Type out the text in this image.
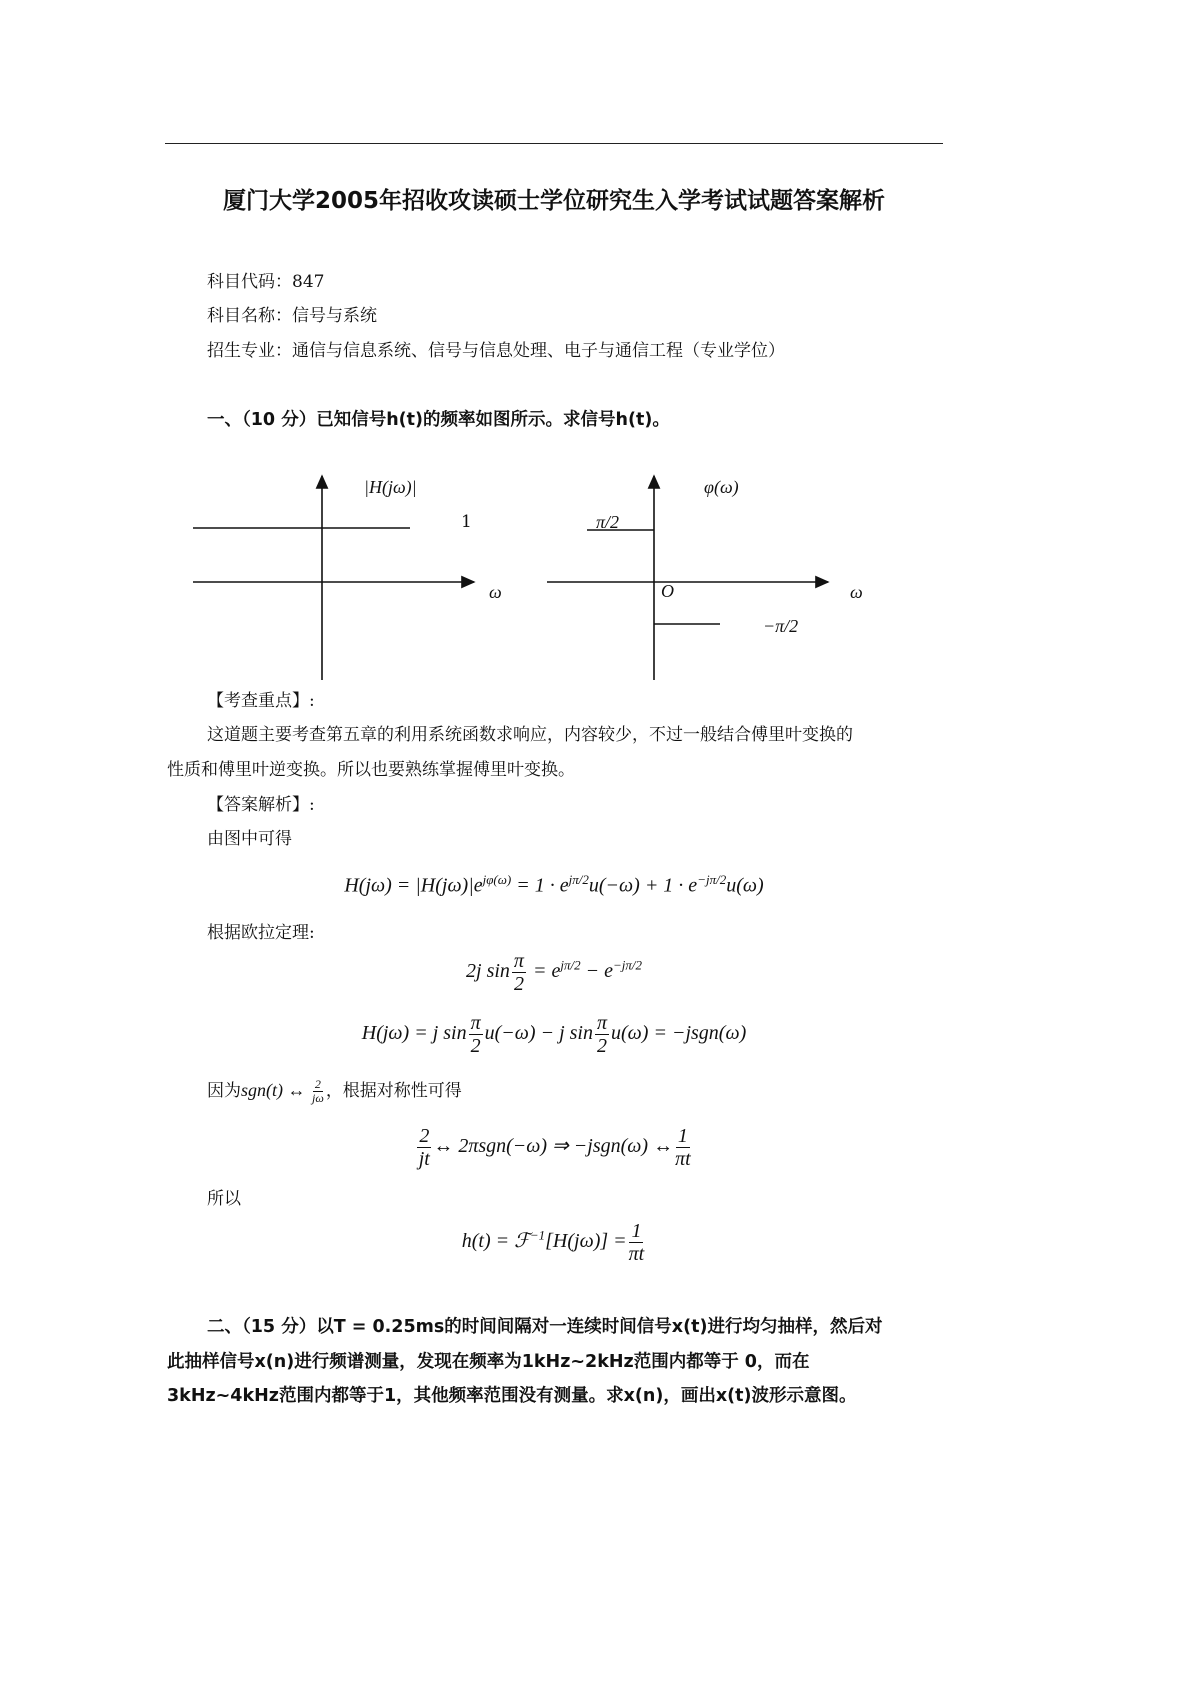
厦门大学2005年招收攻读硕士学位研究生入学考试试题答案解析
科目代码：847
科目名称：信号与系统
招生专业：通信与信息系统、信号与信息处理、电子与通信工程（专业学位）
一、（10 分）已知信号h(t)的频率如图所示。求信号h(t)。
|H(jω)|
1
ω
φ(ω)
π/2
O	ω
−π/2
【考查重点】:
这道题主要考查第五章的利用系统函数求响应，内容较少，不过一般结合傅里叶变换的
性质和傅里叶逆变换。所以也要熟练掌握傅里叶变换。
【答案解析】:
由图中可得
$H(j\omega) = |H(j\omega)|e^{j\varphi(\omega)} = 1 \cdot e^{j\pi/2}u(-\omega) + 1 \cdot e^{-j\pi/2}u(\omega)$
根据欧拉定理:
2j $\sin \frac{\pi}{2} = e^{j\pi/2} - e^{-j\pi/2}$
H(jω) = j $\sin \frac{\pi}{2} u(-\omega) - j$ $\sin \frac{\pi}{2} u(\omega)$ = −jsgn(ω)
因为sgn(t) ↔ $\frac{2}{j\omega}$ ，根据对称性可得
$\frac{2}{jt}$ ↔ 2πsgn(−ω) ⇒ −jsgn(ω) ↔ $\frac{1}{\pi t}$
所以
h(t) = ℱ$^{-1}$[H(jω)] = $\frac{1}{\pi t}$
二、（15 分）以T = 0.25ms的时间间隔对一连续时间信号x(t)进行均匀抽样，然后对
此抽样信号x(n)进行频谱测量，发现在频率为1kHz~2kHz范围内都等于 0，而在
3kHz~4kHz范围内都等于1，其他频率范围没有测量。求x(n)，画出x(t)波形示意图。
